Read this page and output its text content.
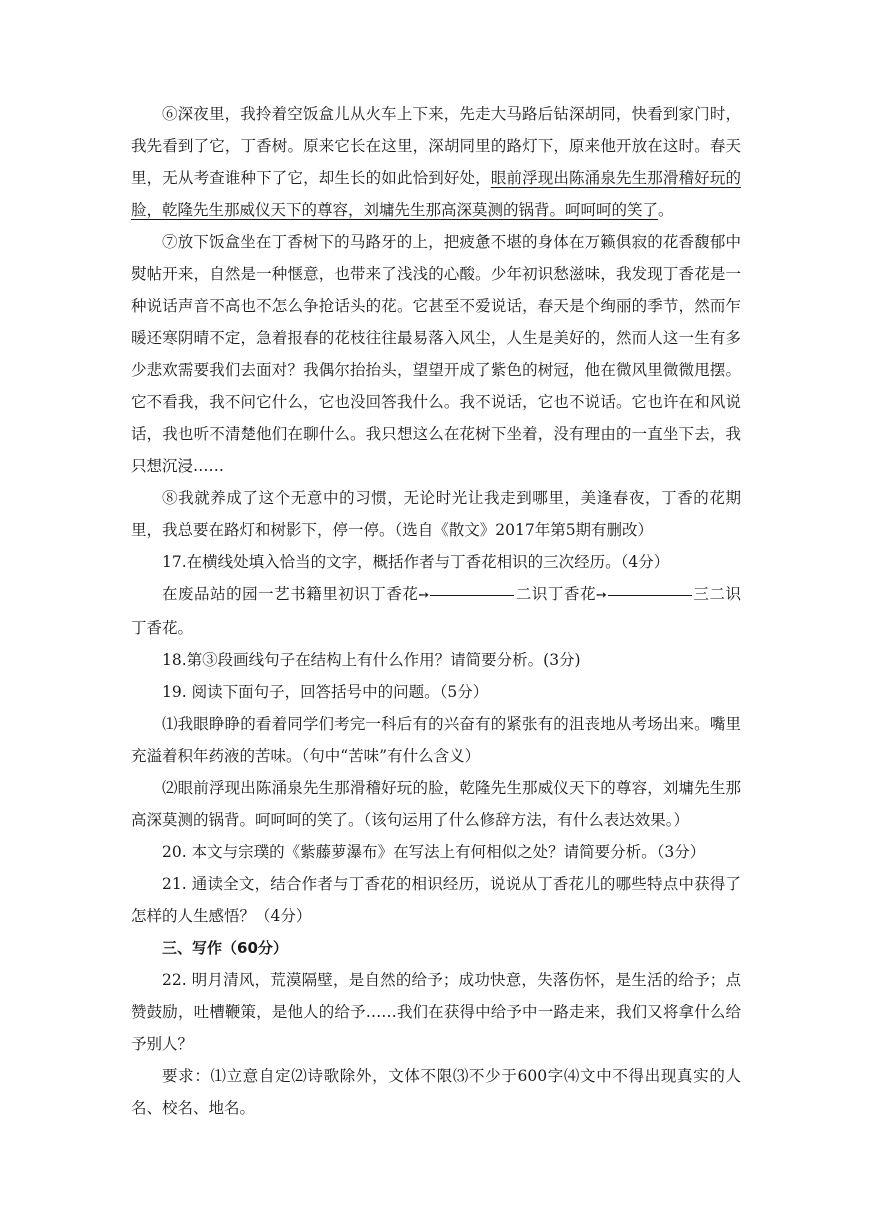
⑥深夜里，我拎着空饭盒儿从火车上下来，先走大马路后钻深胡同，快看到家门时，我先看到了它，丁香树。原来它长在这里，深胡同里的路灯下，原来他开放在这时。春天里，无从考查谁种下了它，却生长的如此恰到好处，眼前浮现出陈涌泉先生那滑稽好玩的脸，乾隆先生那威仪天下的尊容，刘墉先生那高深莫测的锅背。呵呵呵的笑了。

⑦放下饭盒坐在丁香树下的马路牙的上，把疲惫不堪的身体在万籁俱寂的花香馥郁中熨帖开来，自然是一种惬意，也带来了浅浅的心酸。少年初识愁滋味，我发现丁香花是一种说话声音不高也不怎么争抢话头的花。它甚至不爱说话，春天是个绚丽的季节，然而乍暖还寒阴晴不定，急着报春的花枝往往最易落入风尘，人生是美好的，然而人这一生有多少悲欢需要我们去面对？我偶尔抬抬头，望望开成了紫色的树冠，他在微风里微微甩摆。它不看我，我不问它什么，它也没回答我什么。我不说话，它也不说话。它也许在和风说话，我也听不清楚他们在聊什么。我只想这么在花树下坐着，没有理由的一直坐下去，我只想沉浸……

⑧我就养成了这个无意中的习惯，无论时光让我走到哪里，美逢春夜，丁香的花期里，我总要在路灯和树影下，停一停。（选自《散文》2017年第5期有删改）

17.在横线处填入恰当的文字，概括作者与丁香花相识的三次经历。（4分）

在废品站的园一艺书籍里初识丁香花➙	二识丁香花➙	三二识丁香花。

18.第③段画线句子在结构上有什么作用？请简要分析。(3分)

19. 阅读下面句子，回答括号中的问题。（5分）

⑴我眼睁睁的看着同学们考完一科后有的兴奋有的紧张有的沮丧地从考场出来。嘴里充溢着积年药液的苦味。（句中“苦味”有什么含义）

⑵眼前浮现出陈涌泉先生那滑稽好玩的脸，乾隆先生那威仪天下的尊容，刘墉先生那高深莫测的锅背。呵呵呵的笑了。（该句运用了什么修辞方法，有什么表达效果。）

20. 本文与宗璞的《紫藤萝瀑布》在写法上有何相似之处？请简要分析。（3分）

21. 通读全文，结合作者与丁香花的相识经历，说说从丁香花儿的哪些特点中获得了怎样的人生感悟？（4分）

三、写作（60分）

22. 明月清风，荒漠隔壁，是自然的给予；成功快意，失落伤怀，是生活的给予；点赞鼓励，吐槽鞭策，是他人的给予……我们在获得中给予中一路走来，我们又将拿什么给予别人？

要求：⑴立意自定⑵诗歌除外，文体不限⑶不少于600字⑷文中不得出现真实的人名、校名、地名。
